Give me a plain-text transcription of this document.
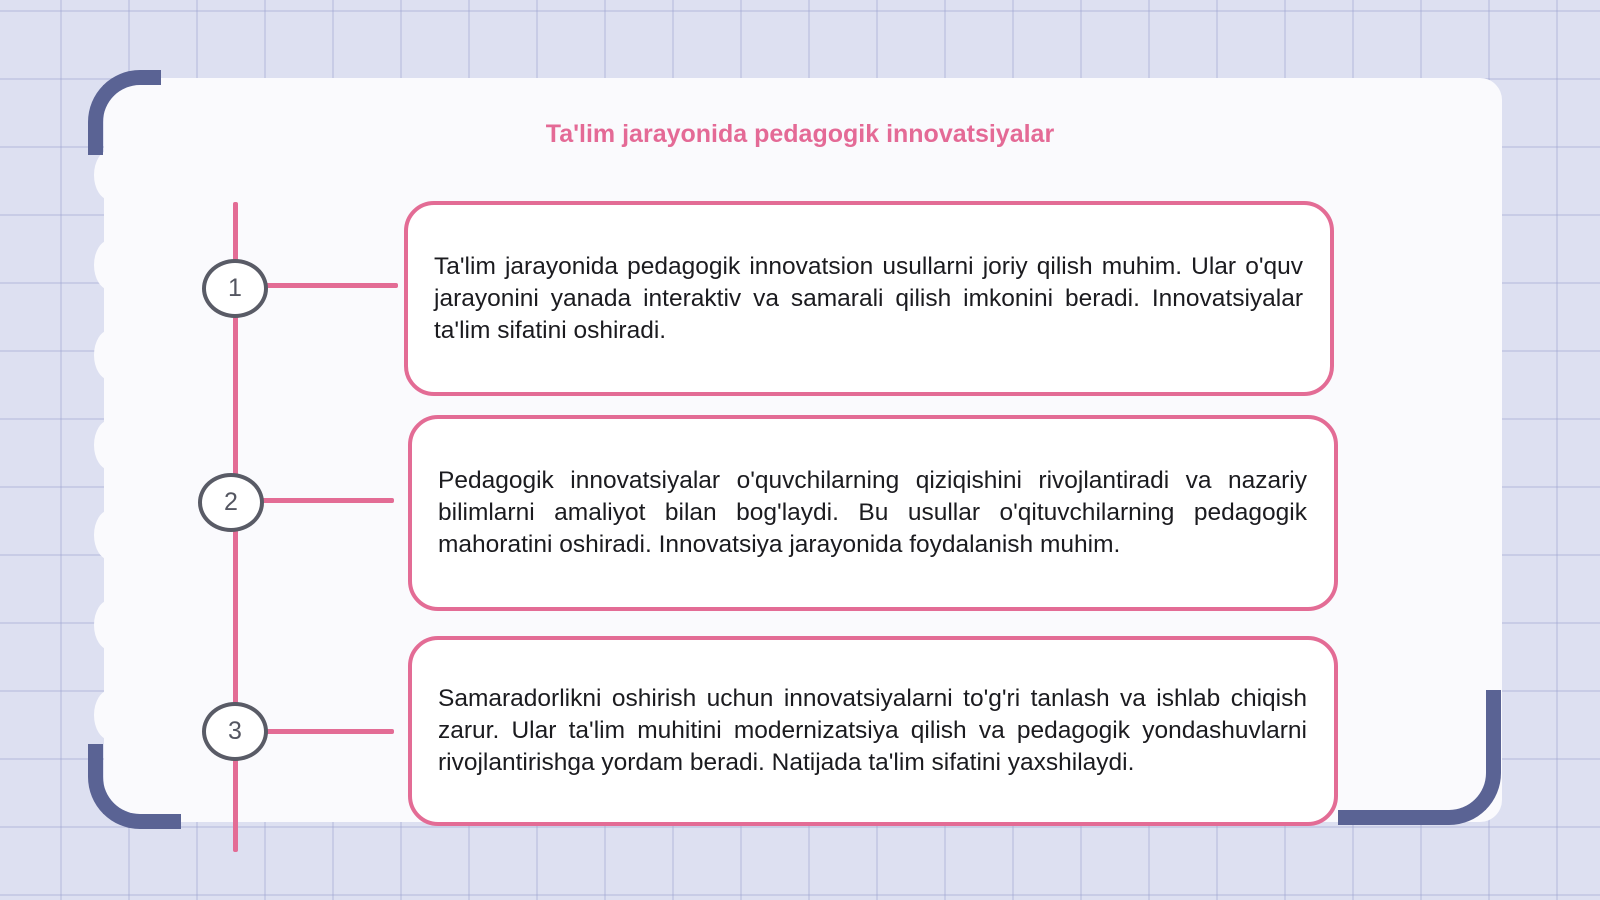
Ta'lim jarayonida pedagogik innovatsiyalar
1
2
3

Ta'lim jarayonida pedagogik innovatsion usullarni joriy qilish muhim. Ular o'quv jarayonini yanada interaktiv va samarali qilish imkonini beradi. Innovatsiyalar ta'lim sifatini oshiradi.

Pedagogik innovatsiyalar o'quvchilarning qiziqishini rivojlantiradi va nazariy bilimlarni amaliyot bilan bog'laydi. Bu usullar o'qituvchilarning pedagogik mahoratini oshiradi. Innovatsiya jarayonida foydalanish muhim.

Samaradorlikni oshirish uchun innovatsiyalarni to'g'ri tanlash va ishlab chiqish zarur. Ular ta'lim muhitini modernizatsiya qilish va pedagogik yondashuvlarni rivojlantirishga yordam beradi. Natijada ta'lim sifatini yaxshilaydi.
